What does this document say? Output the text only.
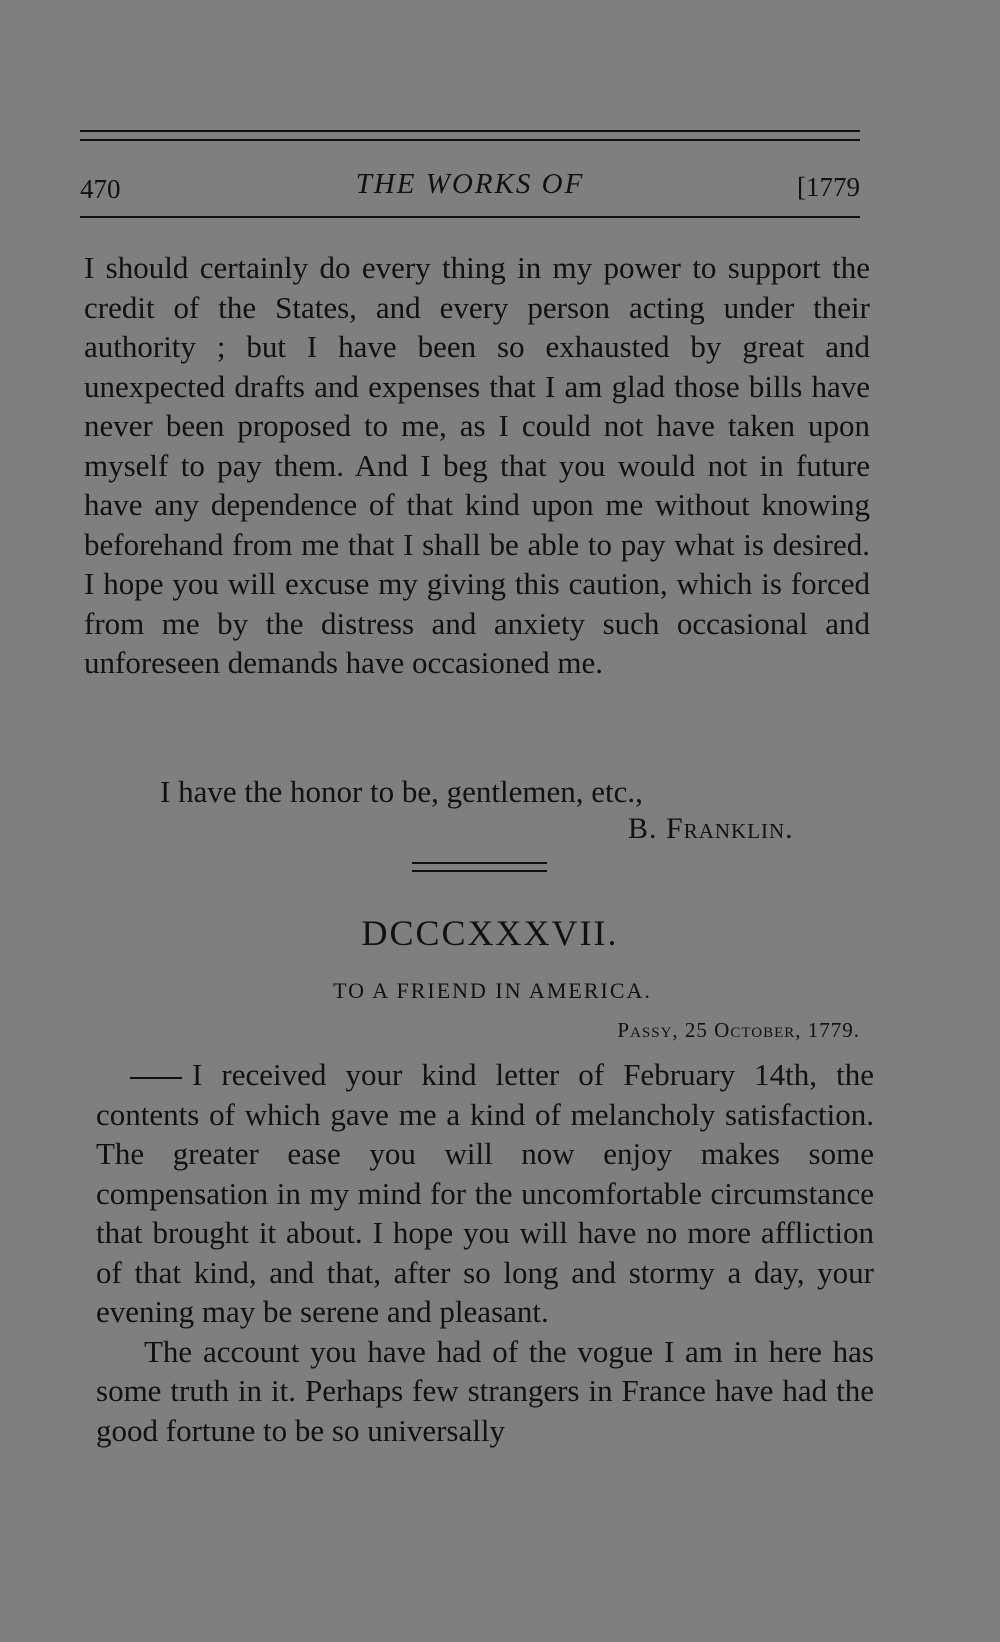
470	THE WORKS OF	[1779

I should certainly do every thing in my power to support the credit of the States, and every person acting under their authority ; but I have been so exhausted by great and unexpected drafts and expenses that I am glad those bills have never been proposed to me, as I could not have taken upon myself to pay them. And I beg that you would not in future have any dependence of that kind upon me without knowing beforehand from me that I shall be able to pay what is desired. I hope you will excuse my giving this caution, which is forced from me by the distress and anxiety such occasional and unforeseen demands have occasioned me.

I have the honor to be, gentlemen, etc.,
B. Franklin.
DCCCXXXVII.
TO A FRIEND IN AMERICA.
Passy, 25 October, 1779.

I received your kind letter of February 14th, the contents of which gave me a kind of melancholy satisfaction. The greater ease you will now enjoy makes some compensation in my mind for the uncomfortable circumstance that brought it about. I hope you will have no more affliction of that kind, and that, after so long and stormy a day, your evening may be serene and pleasant.

The account you have had of the vogue I am in here has some truth in it. Perhaps few strangers in France have had the good fortune to be so universally
